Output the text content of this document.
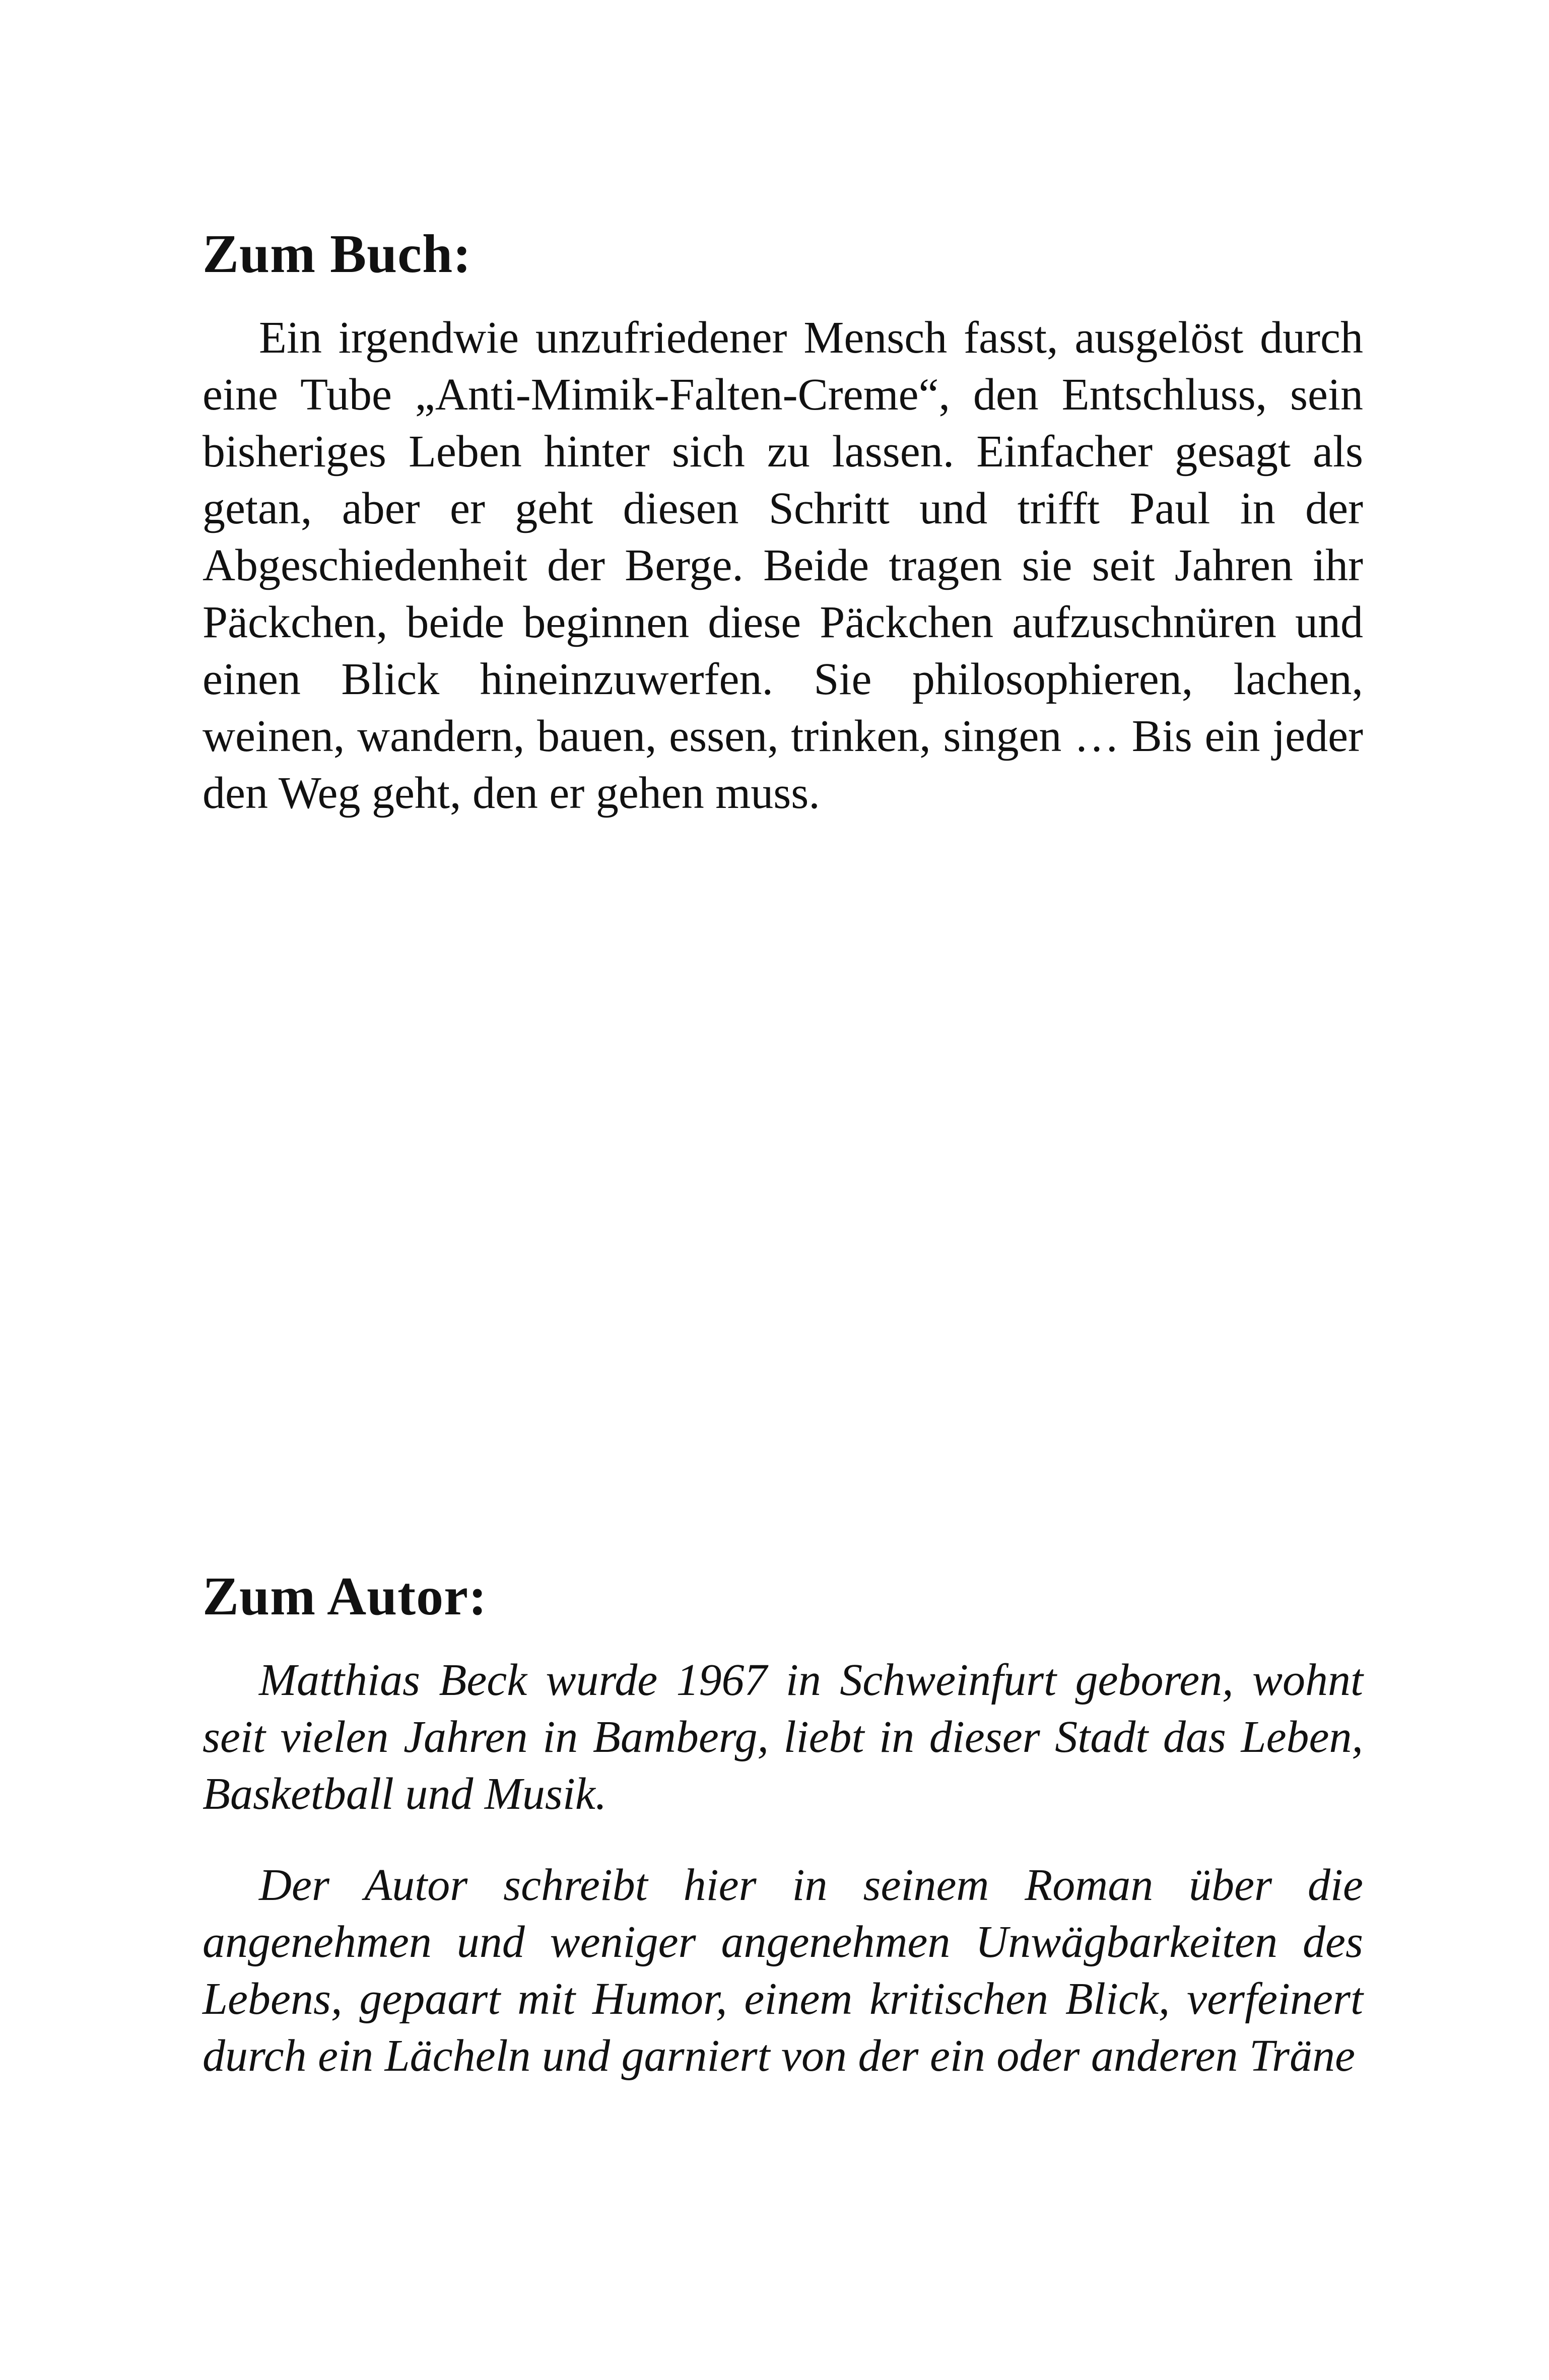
Zum Buch:

Ein irgendwie unzufriedener Mensch fasst, ausgelöst durch eine Tube „Anti-Mimik-Falten-Creme“, den Entschluss, sein bisheriges Leben hinter sich zu lassen. Einfacher gesagt als getan, aber er geht diesen Schritt und trifft Paul in der Abgeschiedenheit der Berge. Beide tragen sie seit Jahren ihr Päckchen, beide beginnen diese Päckchen aufzuschnüren und einen Blick hineinzuwerfen. Sie philosophieren, lachen, weinen, wandern, bauen, essen, trinken, singen … Bis ein jeder den Weg geht, den er gehen muss.

Zum Autor:

Matthias Beck wurde 1967 in Schweinfurt geboren, wohnt seit vielen Jahren in Bamberg, liebt in dieser Stadt das Leben, Basketball und Musik.

Der Autor schreibt hier in seinem Roman über die angenehmen und weniger angenehmen Unwägbarkeiten des Lebens, gepaart mit Humor, einem kritischen Blick, verfeinert durch ein Lächeln und garniert von der ein oder anderen Träne
